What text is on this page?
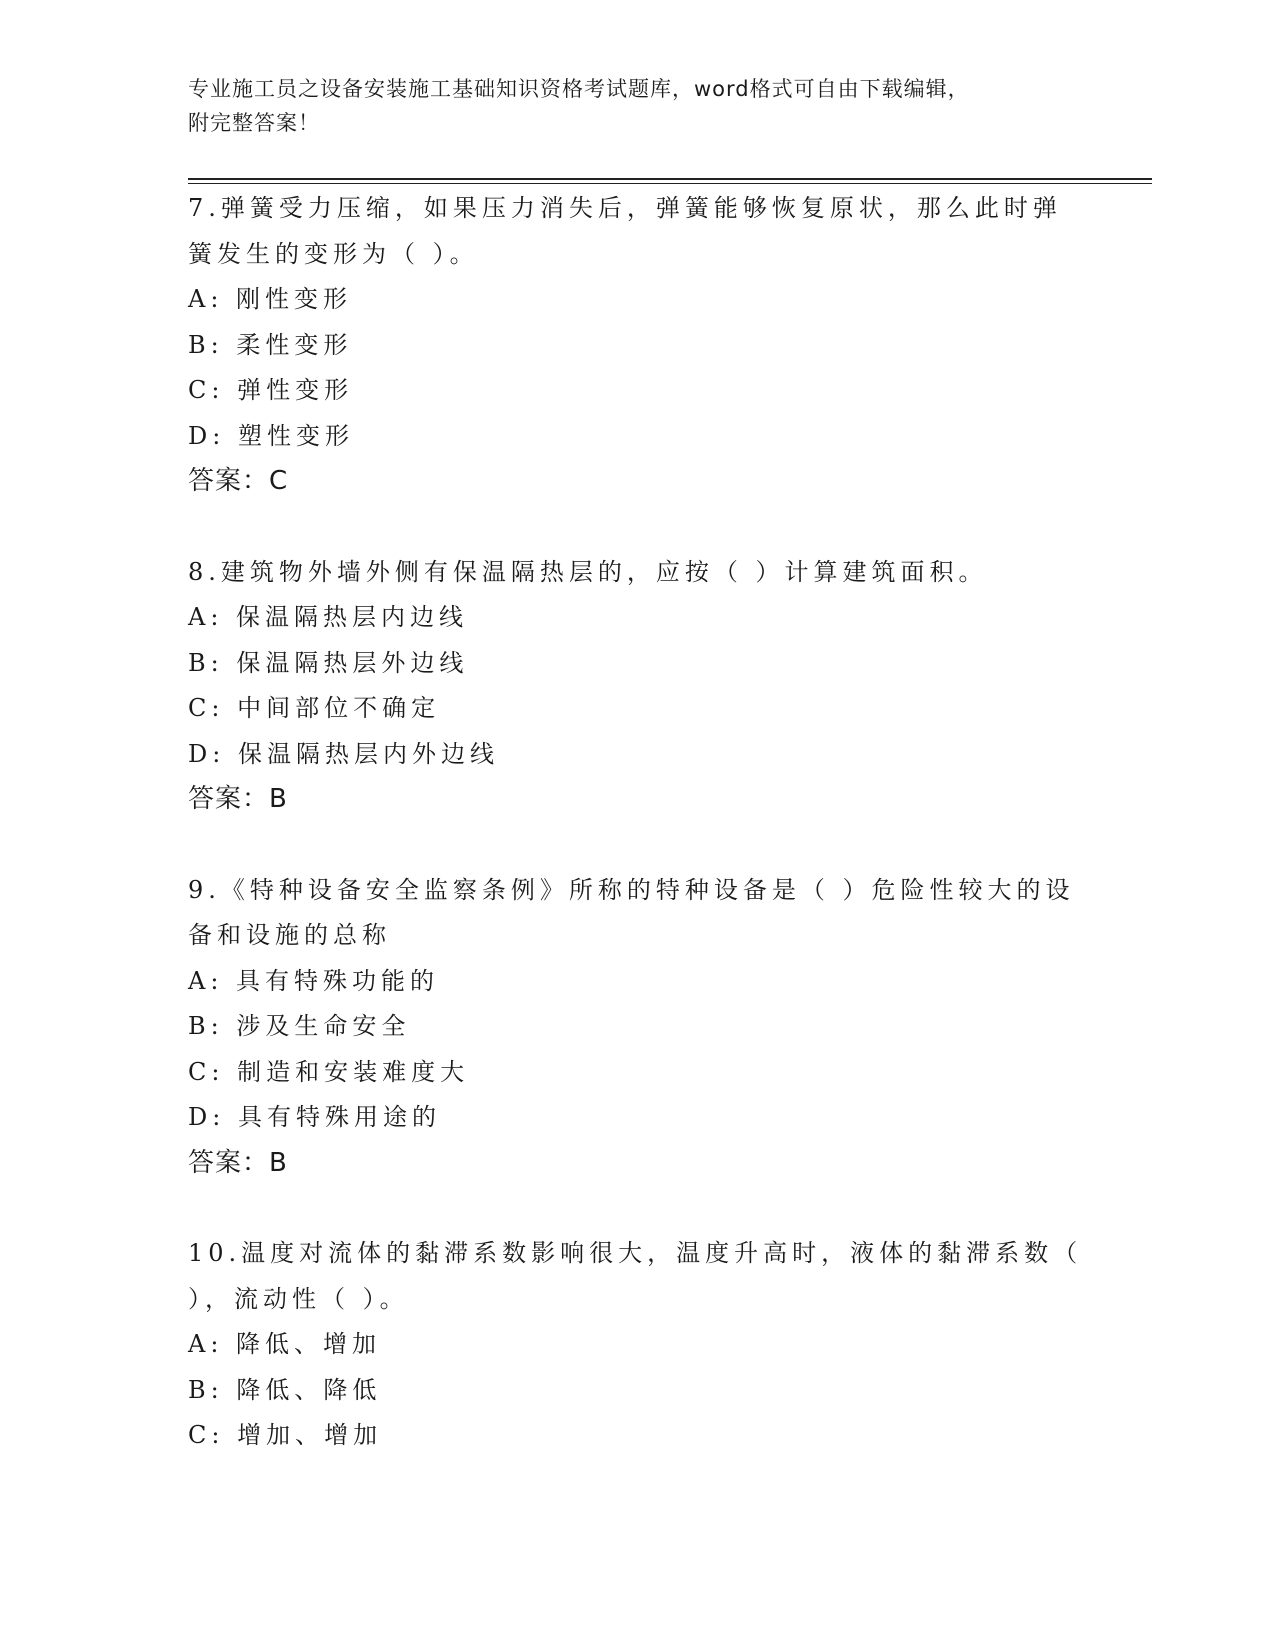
专业施工员之设备安装施工基础知识资格考试题库，word格式可自由下载编辑，
附完整答案！
7.弹簧受力压缩，如果压力消失后，弹簧能够恢复原状，那么此时弹
簧发生的变形为（ ）。
A: 刚性变形
B: 柔性变形
C: 弹性变形
D: 塑性变形
答案：C
8.建筑物外墙外侧有保温隔热层的，应按（ ）计算建筑面积。
A: 保温隔热层内边线
B: 保温隔热层外边线
C: 中间部位不确定
D: 保温隔热层内外边线
答案：B
9.《特种设备安全监察条例》所称的特种设备是（ ）危险性较大的设
备和设施的总称
A: 具有特殊功能的
B: 涉及生命安全
C: 制造和安装难度大
D: 具有特殊用途的
答案：B
10.温度对流体的黏滞系数影响很大，温度升高时，液体的黏滞系数（
），流动性（ ）。
A: 降低、增加
B: 降低、降低
C: 增加、增加
